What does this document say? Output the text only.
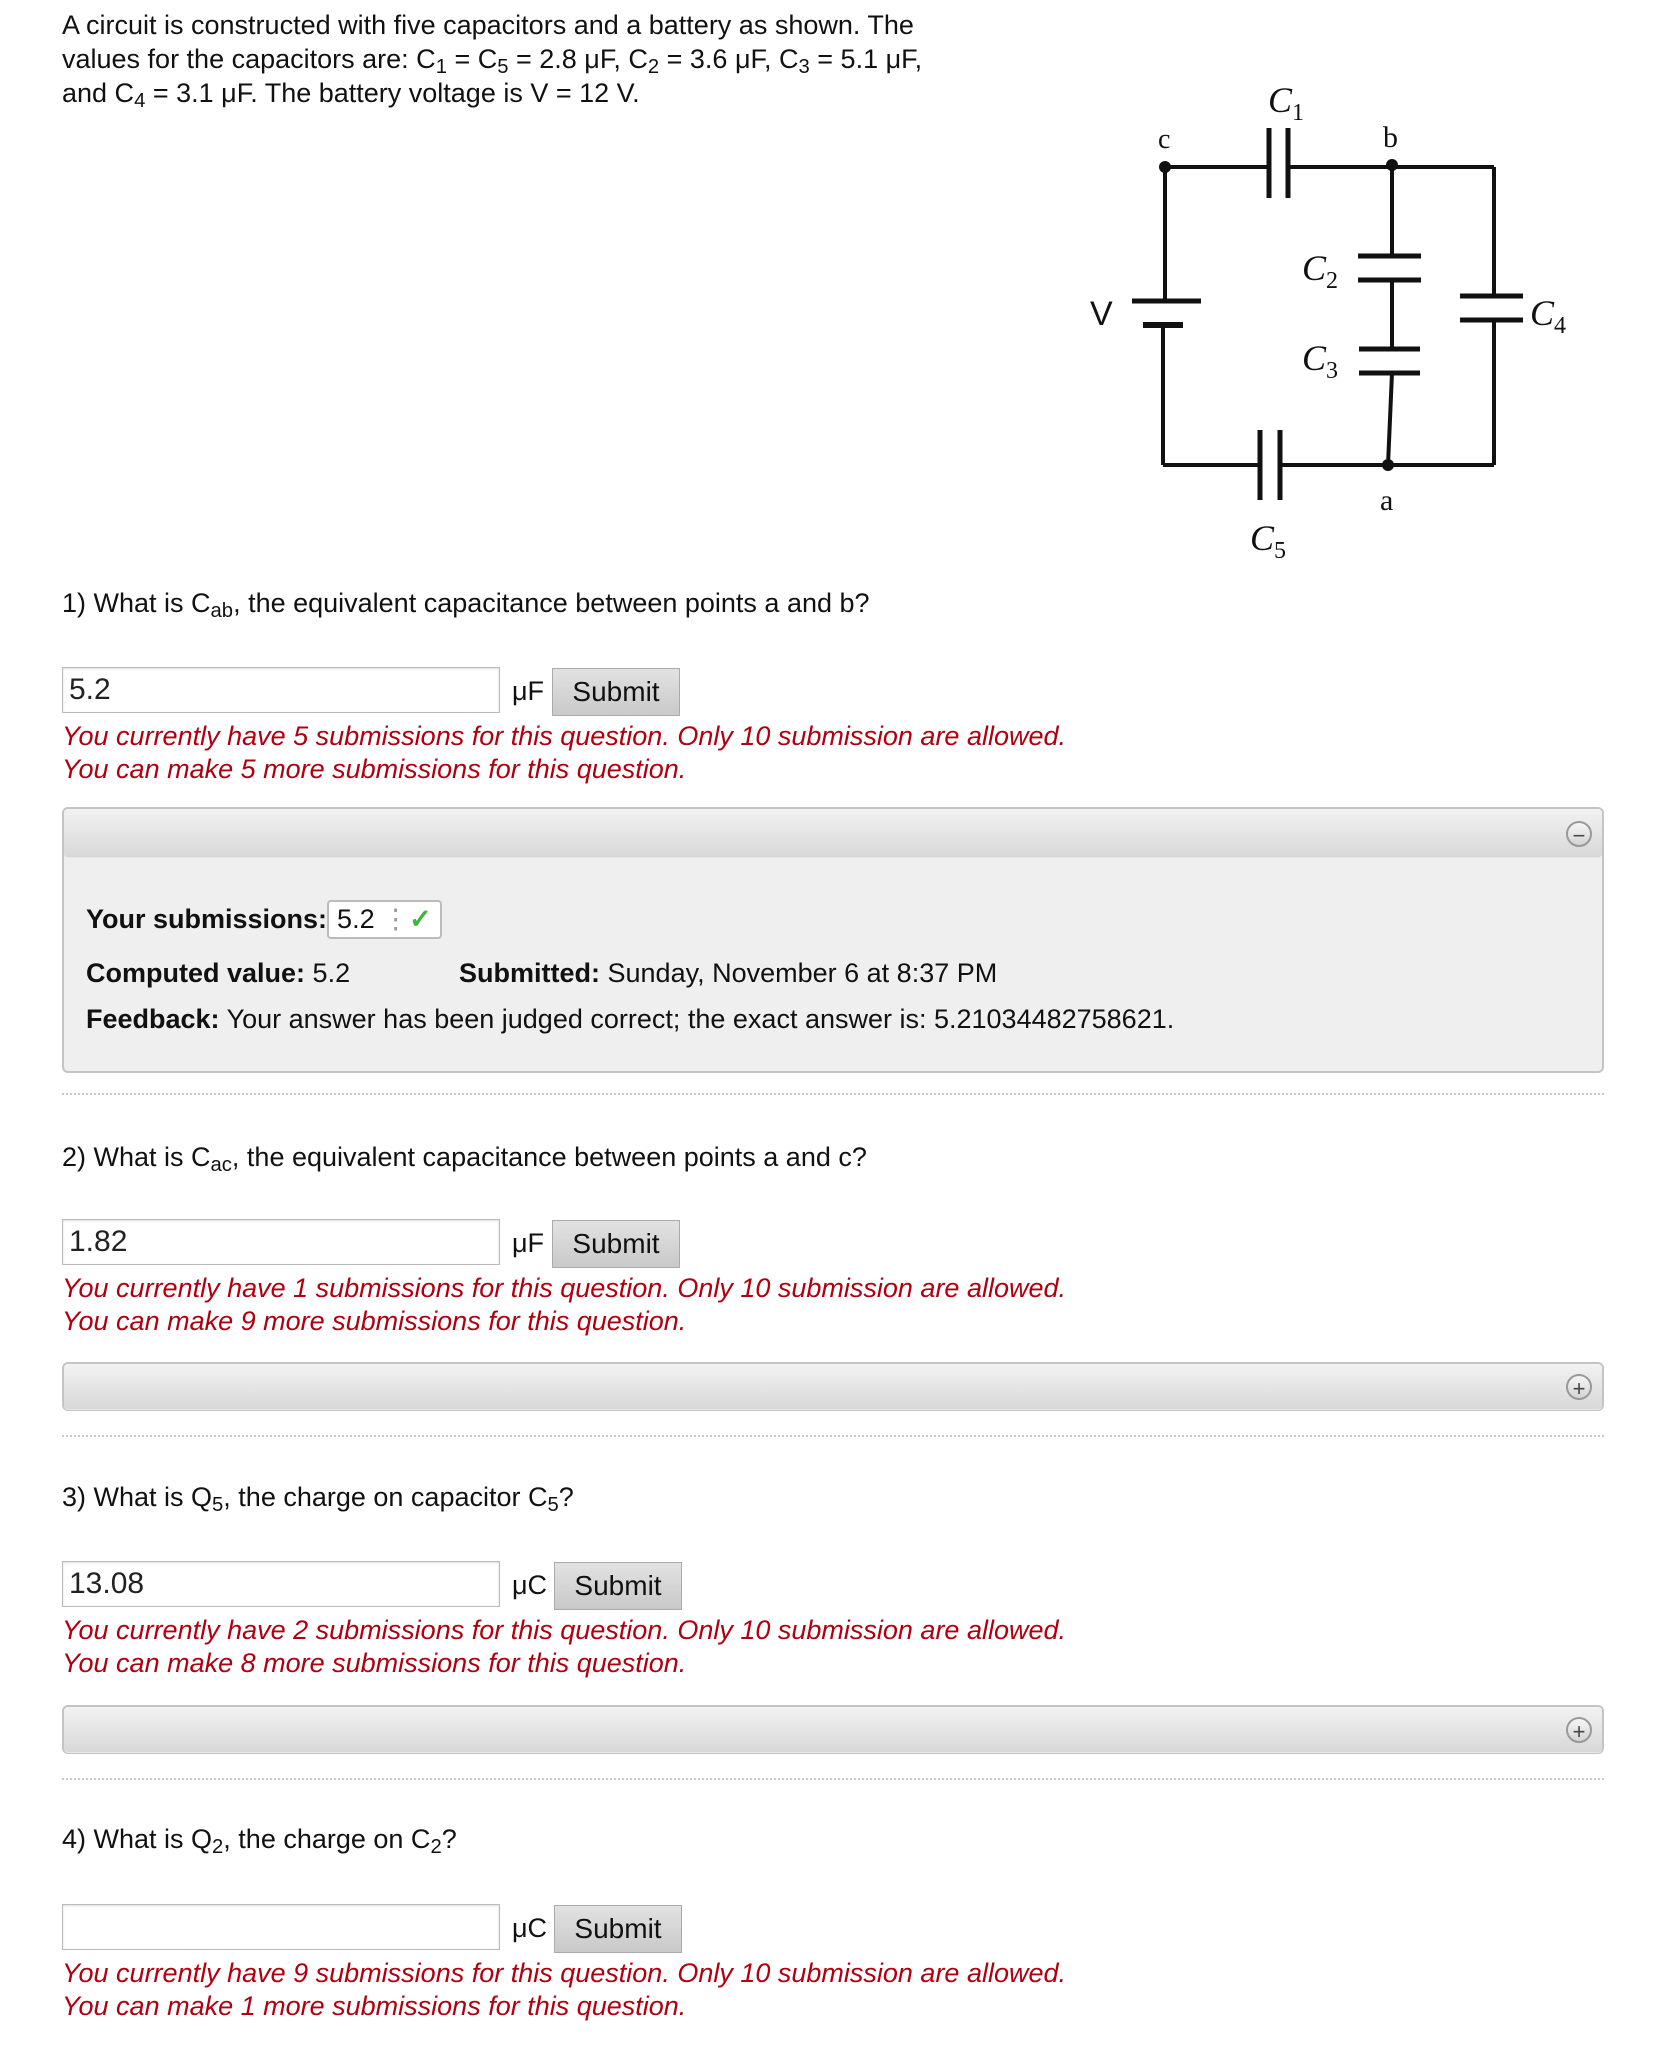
A circuit is constructed with five capacitors and a battery as shown. The
values for the capacitors are: $C_1 = C_5 = 2.8$ μF, $C_2 = 3.6$ μF, $C_3 = 5.1$ μF,
and $C_4 = 3.1$ μF. The battery voltage is V = 12 V.
c	b
a
V
$C_1$
$C_2$
$C_3$
$C_4$
$C_5$
1) What is $C_{ab}$, the equivalent capacitance between points a and b?
5.2
μF	Submit
You currently have 5 submissions for this question. Only 10 submission are allowed.
You can make 5 more submissions for this question.
−
Your submissions: 5.2 ⋮✓
Computed value: 5.2	Submitted: Sunday, November 6 at 8:37 PM
Feedback: Your answer has been judged correct; the exact answer is: 5.21034482758621.
2) What is $C_{ac}$, the equivalent capacitance between points a and c?
1.82
μF	Submit
You currently have 1 submissions for this question. Only 10 submission are allowed.
You can make 9 more submissions for this question.
+
3) What is $Q_5$, the charge on capacitor $C_5$?
13.08
μC Submit
You currently have 2 submissions for this question. Only 10 submission are allowed.
You can make 8 more submissions for this question.
+
4) What is $Q_2$, the charge on $C_2$?
μC Submit
You currently have 9 submissions for this question. Only 10 submission are allowed.
You can make 1 more submissions for this question.
